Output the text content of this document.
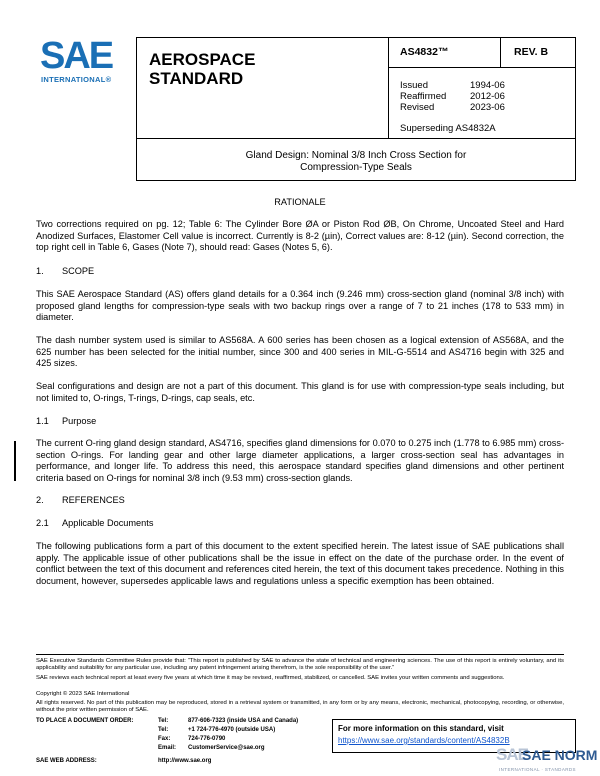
SAE
INTERNATIONAL®
AEROSPACE
STANDARD
AS4832™	REV. B
Issued	1994-06
Reaffirmed 2012-06
Revised	2023-06
Superseding AS4832A
Gland Design: Nominal 3/8 Inch Cross Section for
Compression-Type Seals
RATIONALE
Two corrections required on pg. 12; Table 6: The Cylinder Bore ØA or Piston Rod ØB, On Chrome, Uncoated Steel and Hard Anodized Surfaces, Elastomer Cell value is incorrect. Currently is 8-2 (µin), Correct values are: 8-12 (µin). Second correction, the top right cell in Table 6, Gases (Note 7), should read: Gases (Notes 5, 6).
1. SCOPE
This SAE Aerospace Standard (AS) offers gland details for a 0.364 inch (9.246 mm) cross-section gland (nominal 3/8 inch) with proposed gland lengths for compression-type seals with two backup rings over a range of 7 to 21 inches (178 to 533 mm) in diameter.
The dash number system used is similar to AS568A. A 600 series has been chosen as a logical extension of AS568A, and the 625 number has been selected for the initial number, since 300 and 400 series in MIL-G-5514 and AS4716 begin with 325 and 425 sizes.
Seal configurations and design are not a part of this document. This gland is for use with compression-type seals including, but not limited to, O-rings, T-rings, D-rings, cap seals, etc.
1.1 Purpose
The current O-ring gland design standard, AS4716, specifies gland dimensions for 0.070 to 0.275 inch (1.778 to 6.985 mm) cross-section O-rings. For landing gear and other large diameter applications, a larger cross-section seal has advantages in performance, and longer life. To address this need, this aerospace standard specifies gland dimensions and other pertinent criteria based on O-rings for nominal 3/8 inch (9.53 mm) cross-section glands.
2. REFERENCES
2.1 Applicable Documents
The following publications form a part of this document to the extent specified herein. The latest issue of SAE publications shall apply. The applicable issue of other publications shall be the issue in effect on the date of the purchase order. In the event of conflict between the text of this document and references cited herein, the text of this document takes precedence. Nothing in this document, however, supersedes applicable laws and regulations unless a specific exemption has been obtained.
SAE Executive Standards Committee Rules provide that: “This report is published by SAE to advance the state of technical and engineering sciences. The use of this report is entirely voluntary, and its applicability and suitability for any particular use, including any patent infringement arising therefrom, is the sole responsibility of the user.”
SAE reviews each technical report at least every five years at which time it may be revised, reaffirmed, stabilized, or cancelled. SAE invites your written comments and suggestions.
Copyright © 2023 SAE International
All rights reserved. No part of this publication may be reproduced, stored in a retrieval system or transmitted, in any form or by any means, electronic, mechanical, photocopying, recording, or otherwise, without the prior written permission of SAE.
TO PLACE A DOCUMENT ORDER:	Tel:	877-606-7323 (inside USA and Canada)
Tel:	+1 724-776-4970 (outside USA)
Fax:	724-776-0790
Email: CustomerService@sae.org
SAE WEB ADDRESS:	http://www.sae.org
For more information on this standard, visit
https://www.sae.org/standards/content/AS4832B
SAE
SAE NORM
INTERNATIONAL · STANDARDS
